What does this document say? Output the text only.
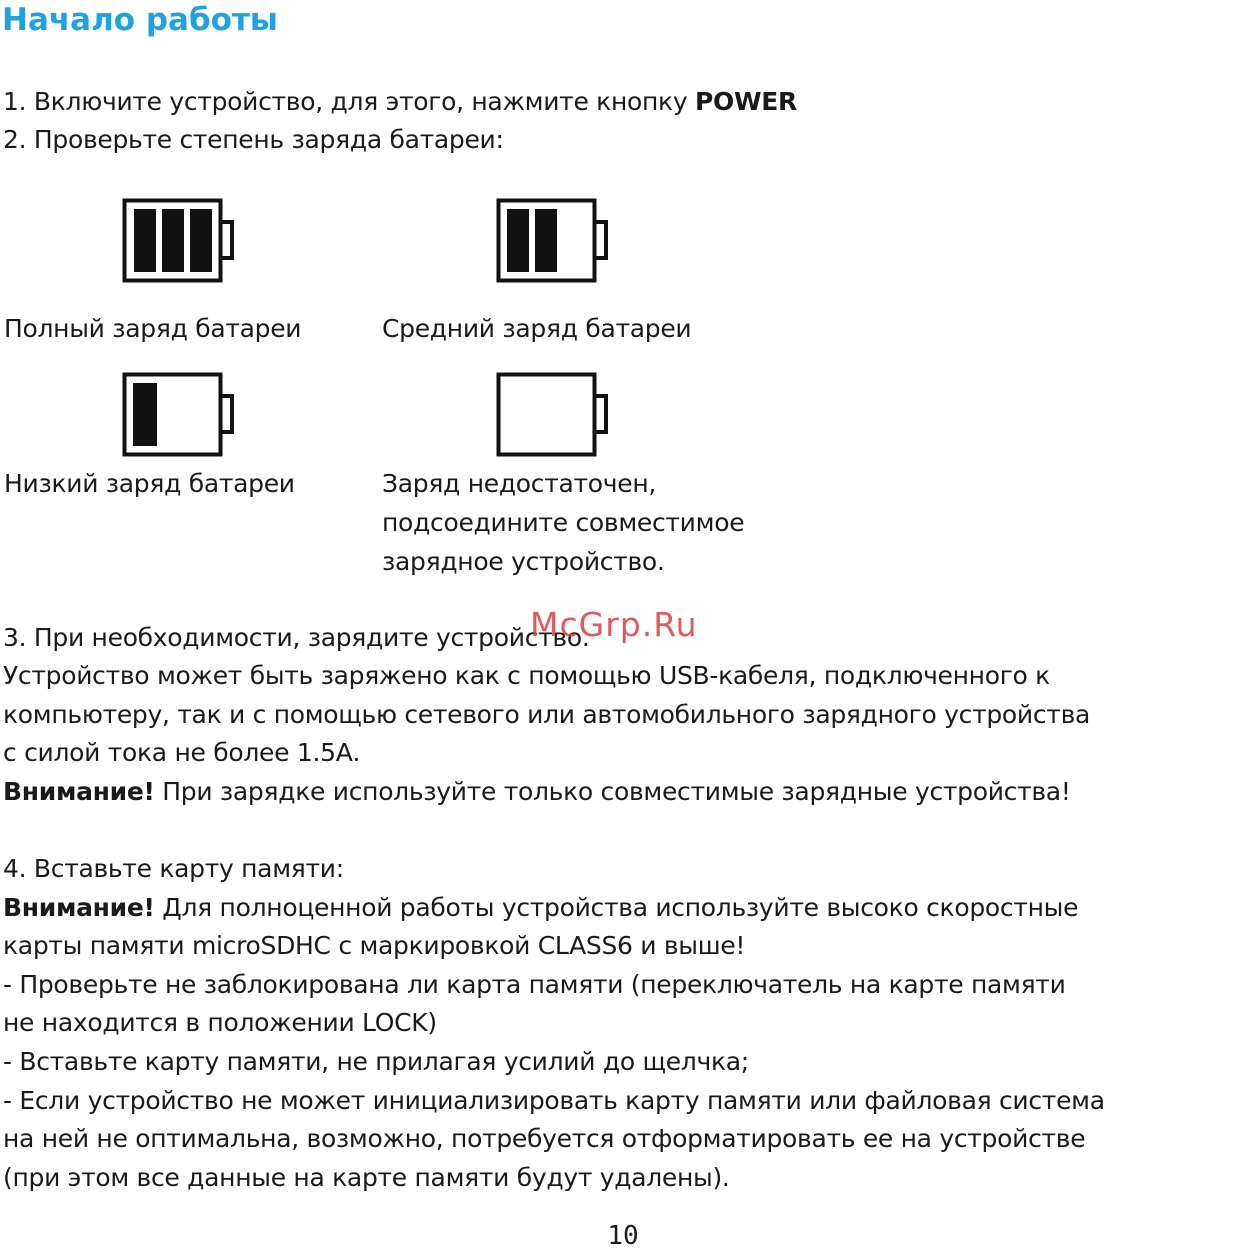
Начало работы
1. Включите устройство, для этого, нажмите кнопку POWER
2. Проверьте степень заряда батареи:
Полный заряд батареи	Средний заряд батареи
Низкий заряд батареи	Заряд недостаточен,
подсоедините совместимое
зарядное устройство.
3. При необходимости, зарядите устройство.
Устройство может быть заряжено как с помощью USB-кабеля, подключенного к
компьютеру, так и с помощью сетевого или автомобильного зарядного устройства
с силой тока не более 1.5А.
Внимание! При зарядке используйте только совместимые зарядные устройства!
4. Вставьте карту памяти:
Внимание! Для полноценной работы устройства используйте высоко скоростные
карты памяти microSDHC с маркировкой CLASS6 и выше!
- Проверьте не заблокирована ли карта памяти (переключатель на карте памяти
не находится в положении LOCK)
- Вставьте карту памяти, не прилагая усилий до щелчка;
- Если устройство не может инициализировать карту памяти или файловая система
на ней не оптимальна, возможно, потребуется отформатировать ее на устройстве
(при этом все данные на карте памяти будут удалены).
McGrp.Ru
10
